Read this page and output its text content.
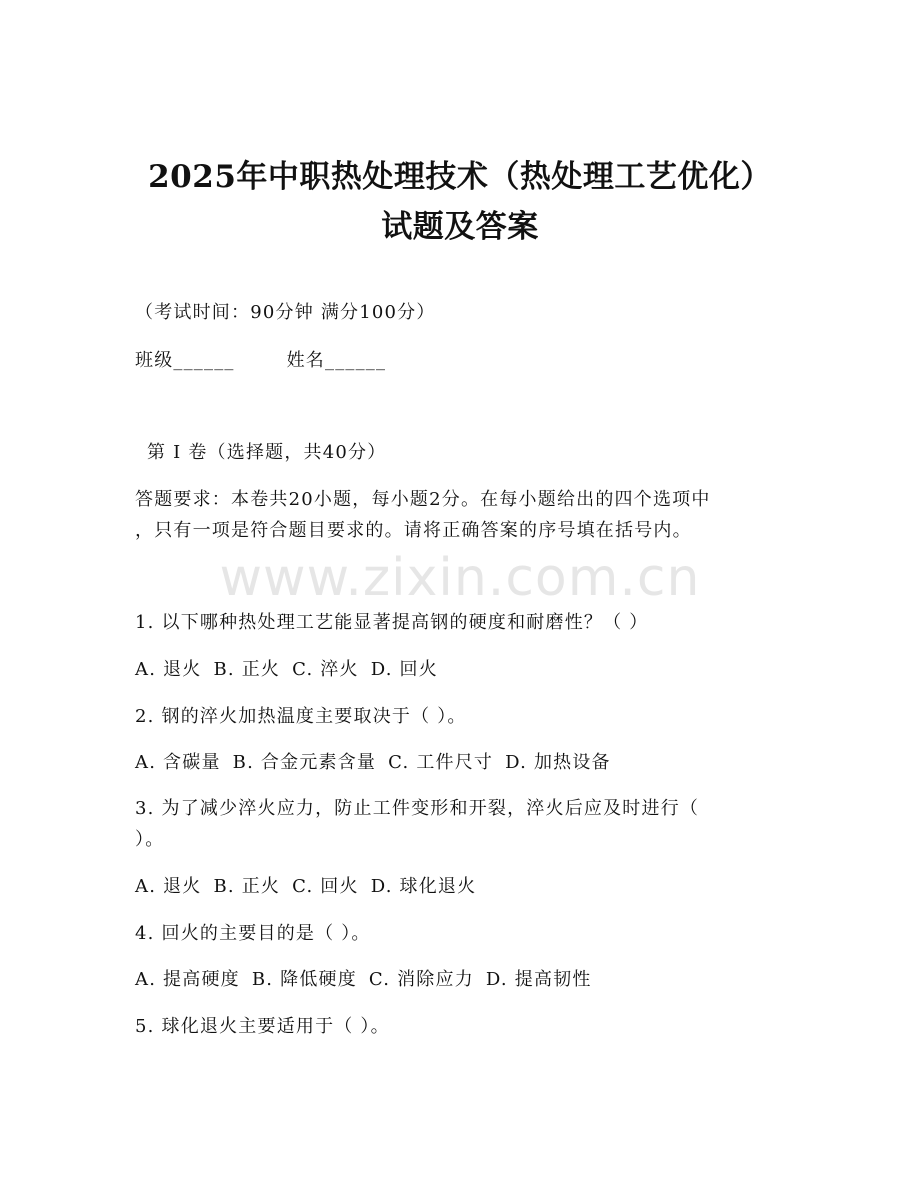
2025年中职热处理技术（热处理工艺优化）
试题及答案
（考试时间：90分钟 满分100分）
班级______	姓名______
第 I 卷（选择题，共40分）
答题要求：本卷共20小题，每小题2分。在每小题给出的四个选项中
，只有一项是符合题目要求的。请将正确答案的序号填在括号内。
www.zixin.com.cn
1. 以下哪种热处理工艺能显著提高钢的硬度和耐磨性？（ ）
A. 退火 B. 正火 C. 淬火 D. 回火
2. 钢的淬火加热温度主要取决于（ ）。
A. 含碳量 B. 合金元素含量 C. 工件尺寸 D. 加热设备
3. 为了减少淬火应力，防止工件变形和开裂，淬火后应及时进行（
）。
A. 退火 B. 正火 C. 回火 D. 球化退火
4. 回火的主要目的是（ ）。
A. 提高硬度 B. 降低硬度 C. 消除应力 D. 提高韧性
5. 球化退火主要适用于（ ）。
